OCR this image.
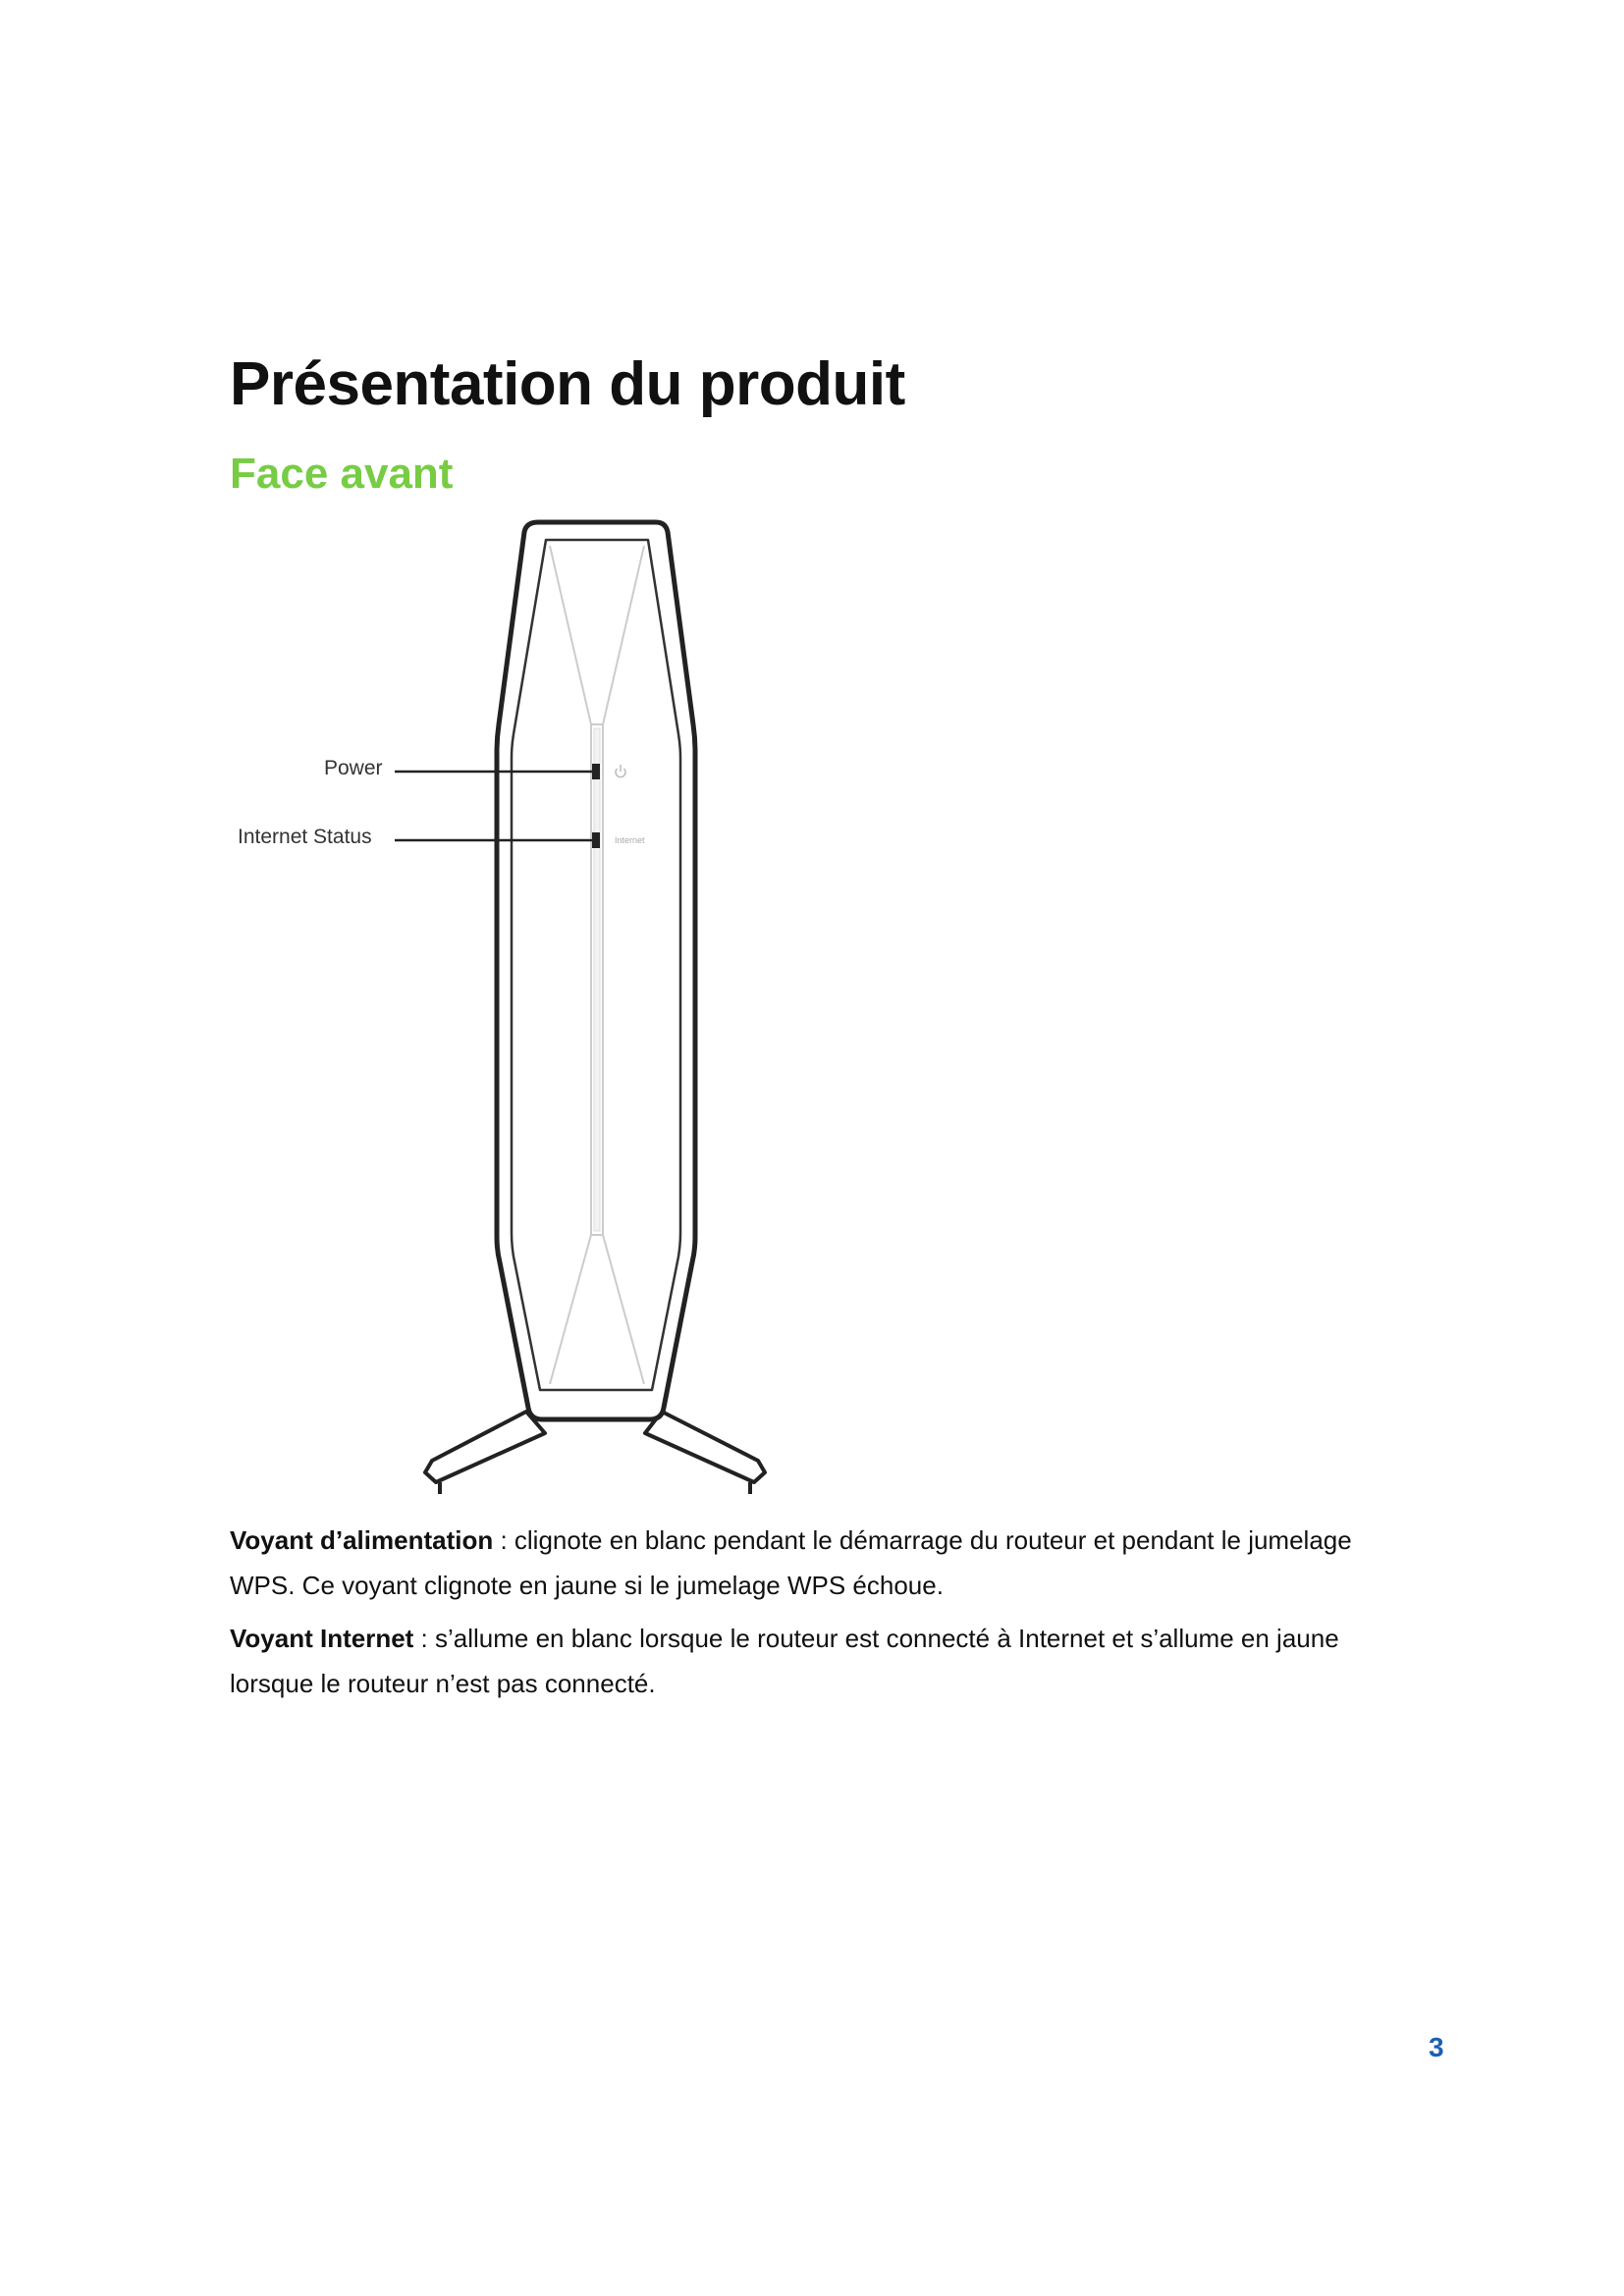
Présentation du produit
Face avant
Power
Internet Status	Internet

Voyant d’alimentation : clignote en blanc pendant le démarrage du routeur et pendant le jumelage WPS. Ce voyant clignote en jaune si le jumelage WPS échoue.

Voyant Internet : s’allume en blanc lorsque le routeur est connecté à Internet et s’allume en jaune lorsque le routeur n’est pas connecté.

3
